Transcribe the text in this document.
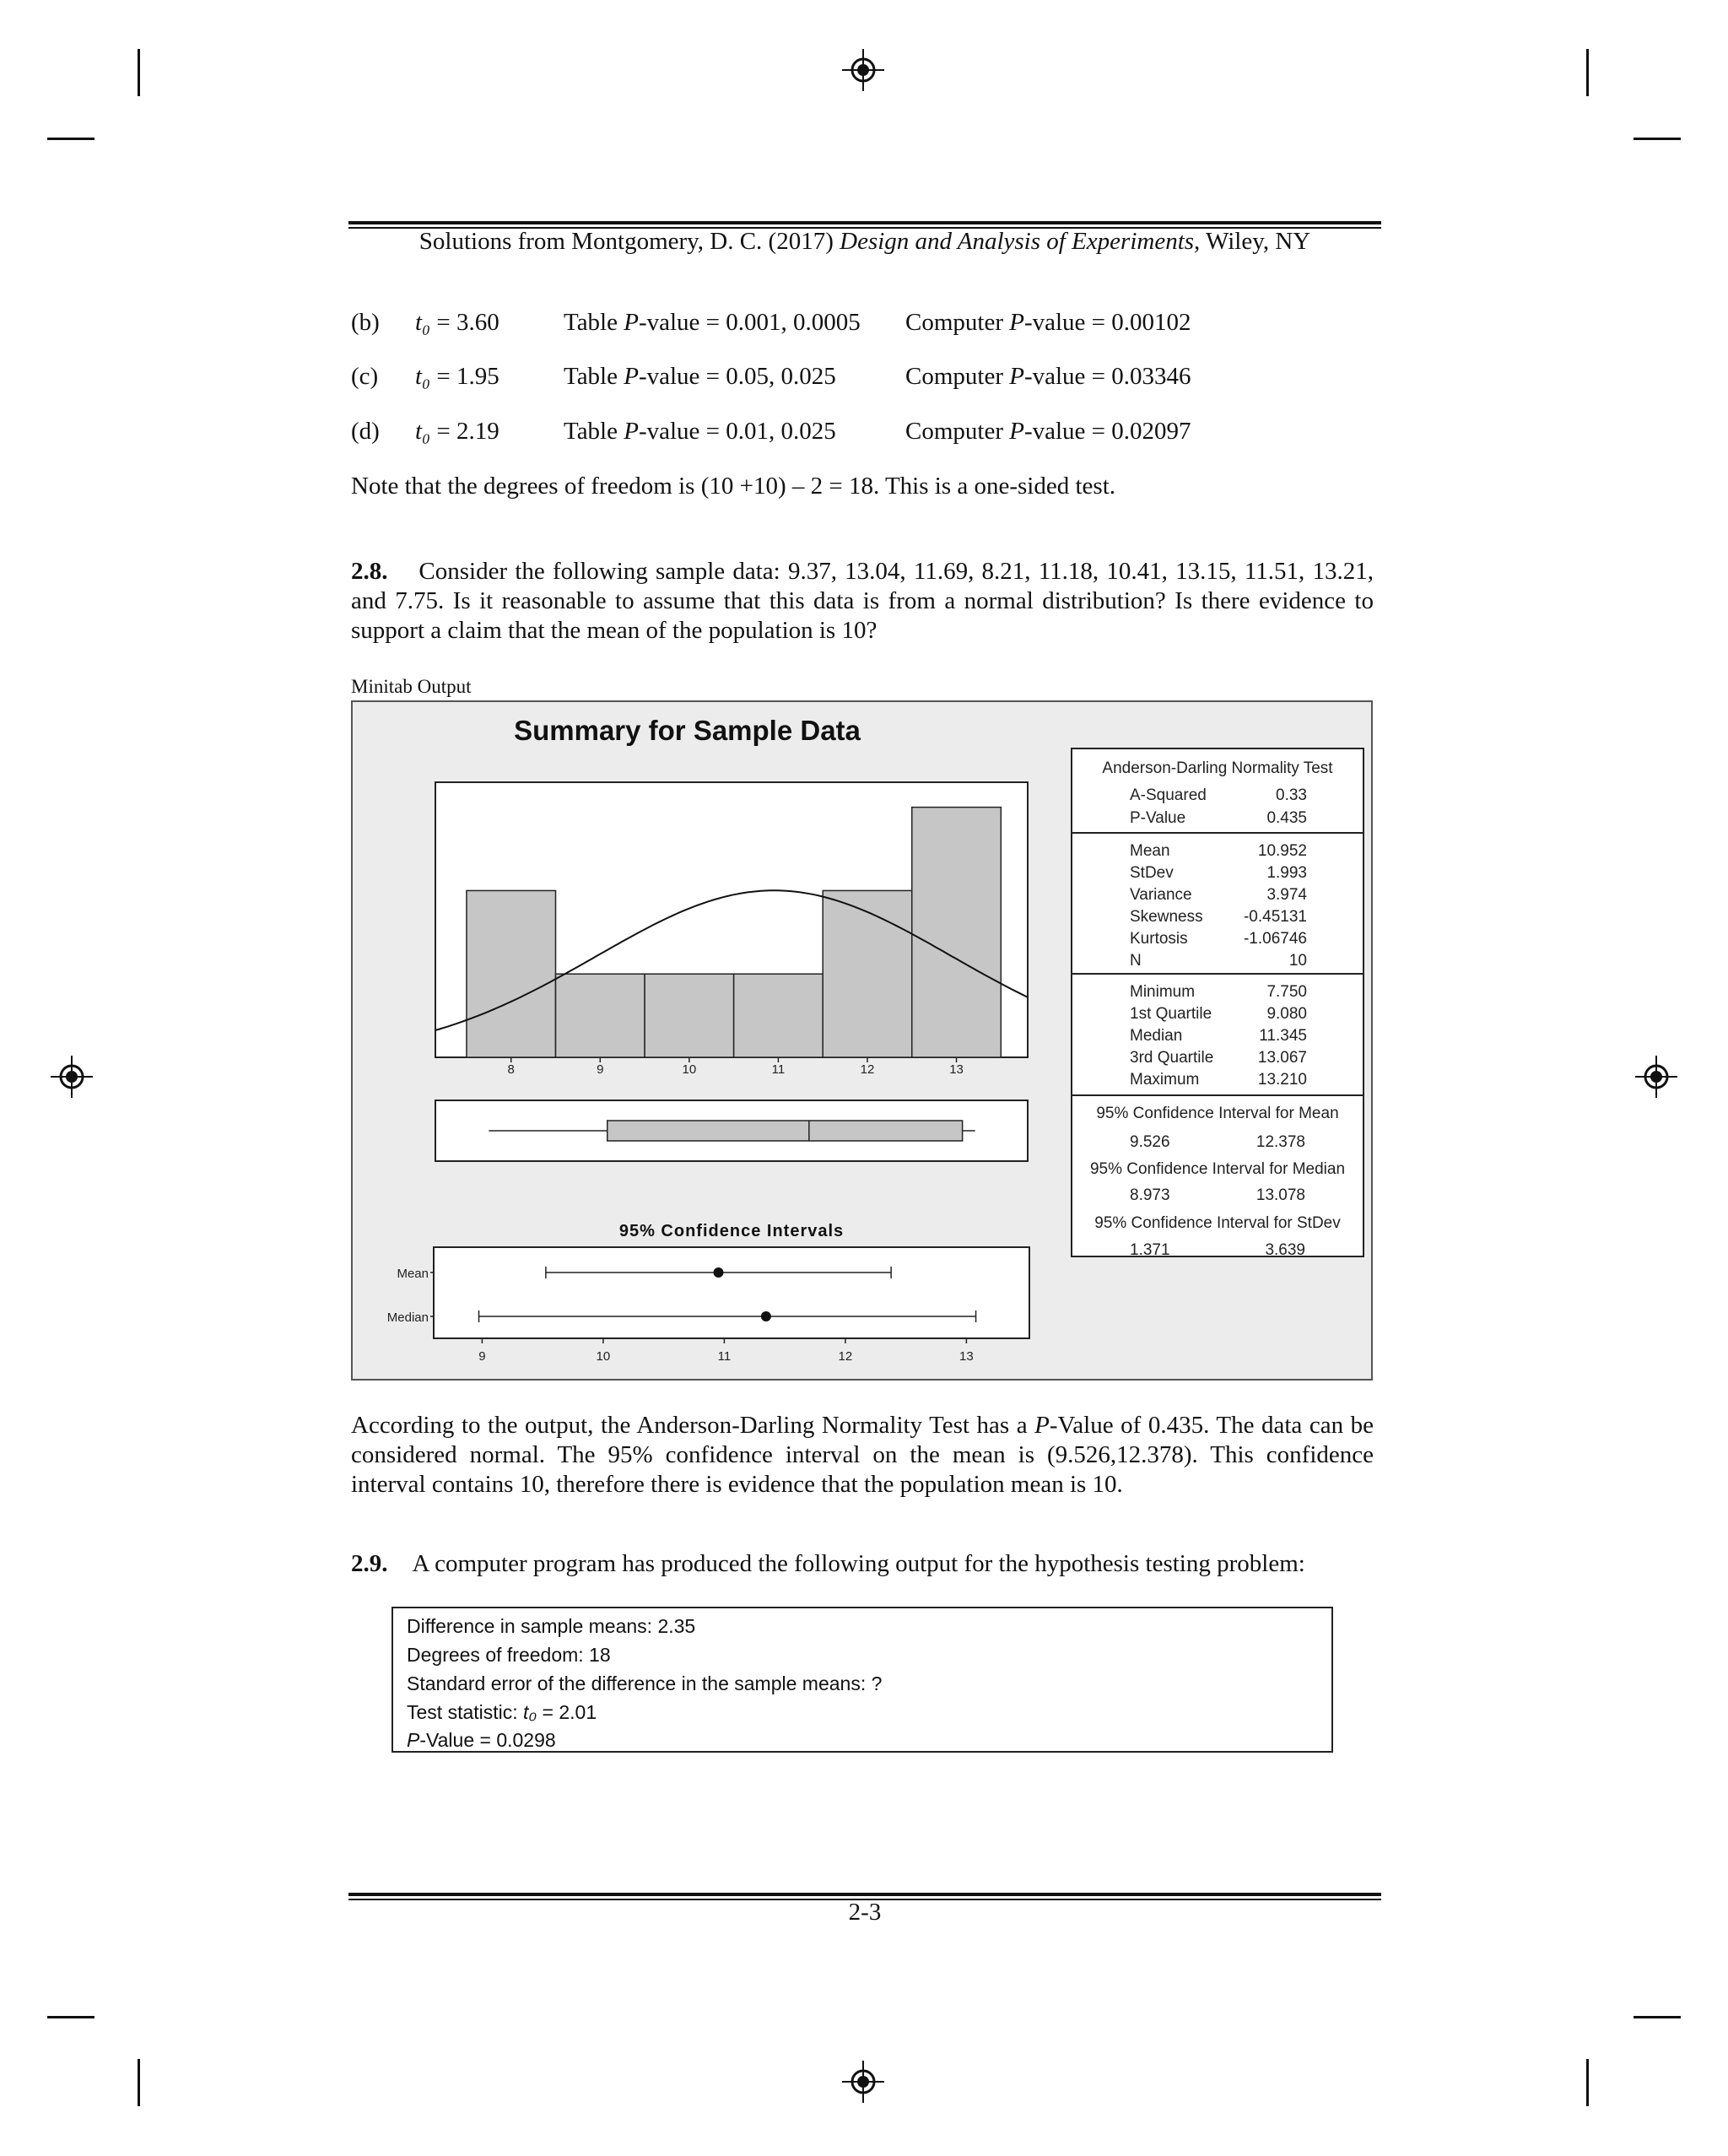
Solutions from Montgomery, D. C. (2017) Design and Analysis of Experiments, Wiley, NY
(b) t₀ = 3.60	Table P-value = 0.001, 0.0005 Computer P-value = 0.00102
(c) t₀ = 1.95	Table P-value = 0.05, 0.025	Computer P-value = 0.03346
(d) t₀ = 2.19	Table P-value = 0.01, 0.025	Computer P-value = 0.02097
Note that the degrees of freedom is (10 +10) – 2 = 18. This is a one-sided test.
2.8. Consider the following sample data: 9.37, 13.04, 11.69, 8.21, 11.18, 10.41, 13.15, 11.51, 13.21, and 7.75. Is it reasonable to assume that this data is from a normal distribution? Is there evidence to support a claim that the mean of the population is 10?
Minitab Output
Summary for Sample Data
8	9	10	11	12	13
95% Confidence Intervals
Mean
Median
9	10	11	12	13
Anderson-Darling Normality Test
A-Squared	0.33
P-Value	0.435
Mean	10.952
StDev	1.993
Variance	3.974
Skewness	-0.45131
Kurtosis	-1.06746
N	10
Minimum	7.750
1st Quartile	9.080
Median	11.345
3rd Quartile	13.067
Maximum	13.210
95% Confidence Interval for Mean
9.526	12.378
95% Confidence Interval for Median
8.973	13.078
95% Confidence Interval for StDev
1.371	3.639
According to the output, the Anderson-Darling Normality Test has a P-Value of 0.435. The data can be considered normal. The 95% confidence interval on the mean is (9.526,12.378). This confidence interval contains 10, therefore there is evidence that the population mean is 10.
2.9. A computer program has produced the following output for the hypothesis testing problem:
Difference in sample means: 2.35
Degrees of freedom: 18
Standard error of the difference in the sample means: ?
Test statistic: t₀ = 2.01
P-Value = 0.0298
2-3
